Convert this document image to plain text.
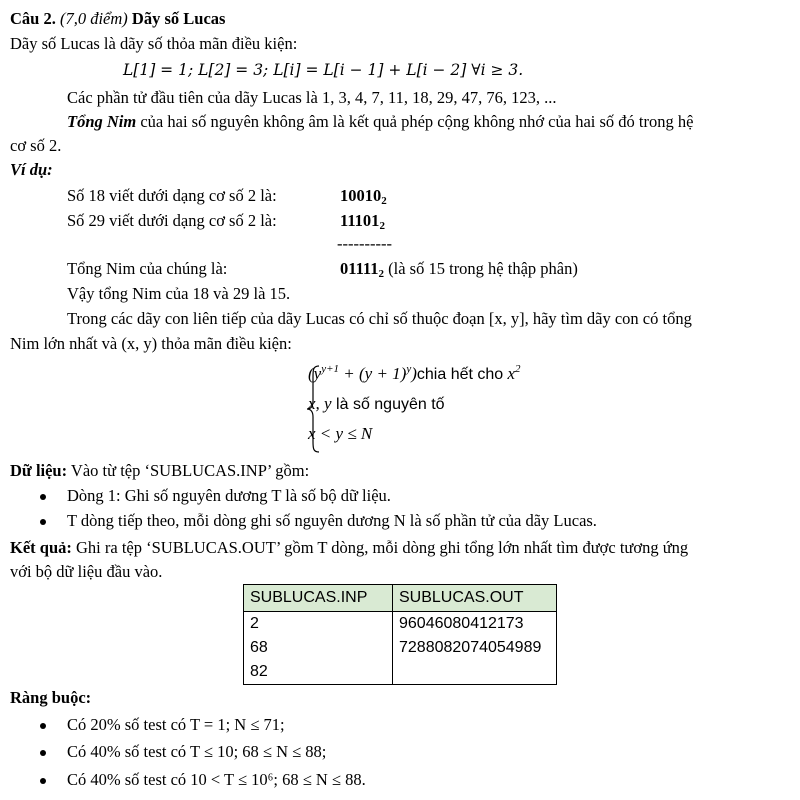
Câu 2. (7,0 điểm) Dãy số Lucas
Dãy số Lucas là dãy số thỏa mãn điều kiện:
L[1] = 1; L[2] = 3; L[i] = L[i − 1] + L[i − 2] ∀i ≥ 3.
Các phần tử đầu tiên của dãy Lucas là 1, 3, 4, 7, 11, 18, 29, 47, 76, 123, ...
Tổng Nim của hai số nguyên không âm là kết quả phép cộng không nhớ của hai số đó trong hệ
cơ số 2.
Ví dụ:
Số 18 viết dưới dạng cơ số 2 là:	$10010_2$
Số 29 viết dưới dạng cơ số 2 là:	$11101_2$
----------
Tổng Nim của chúng là:	$01111_2$ (là số 15 trong hệ thập phân)
Vậy tổng Nim của 18 và 29 là 15.
Trong các dãy con liên tiếp của dãy Lucas có chỉ số thuộc đoạn [x, y], hãy tìm dãy con có tổng
Nim lớn nhất và (x, y) thỏa mãn điều kiện:
($y^{y+1} + (y$ + $1)^y)chia$ hết cho $x^2$
x, y là số nguyên tố
x < y ≤ N
Dữ liệu: Vào từ tệp ‘SUBLUCAS.INP’ gồm:
Dòng 1: Ghi số nguyên dương T là số bộ dữ liệu.
T dòng tiếp theo, mỗi dòng ghi số nguyên dương N là số phần tử của dãy Lucas.
Kết quả: Ghi ra tệp ‘SUBLUCAS.OUT’ gồm T dòng, mỗi dòng ghi tổng lớn nhất tìm được tương ứng
với bộ dữ liệu đầu vào.
SUBLUCAS.INP	SUBLUCAS.OUT
2	96046080412173
68	7288082074054989
82	
Ràng buộc:
Có 20% số test có T = 1; N ≤ 71;
Có 40% số test có T ≤ 10; 68 ≤ N ≤ 88;
Có 40% số test có 10 < T ≤ 10⁶; 68 ≤ N ≤ 88.
